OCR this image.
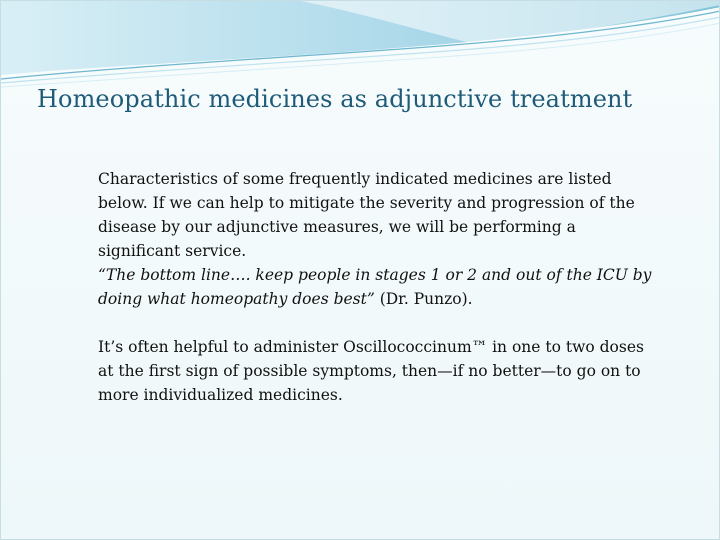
Homeopathic medicines as adjunctive treatment

Characteristics of some frequently indicated medicines are listed below. If we can help to mitigate the severity and progression of the disease by our adjunctive measures, we will be performing a significant service.
“The bottom line…. keep people in stages 1 or 2 and out of the ICU by doing what homeopathy does best” (Dr. Punzo).

It’s often helpful to administer Oscillococcinum™ in one to two doses at the first sign of possible symptoms, then—if no better—to go on to more individualized medicines.
